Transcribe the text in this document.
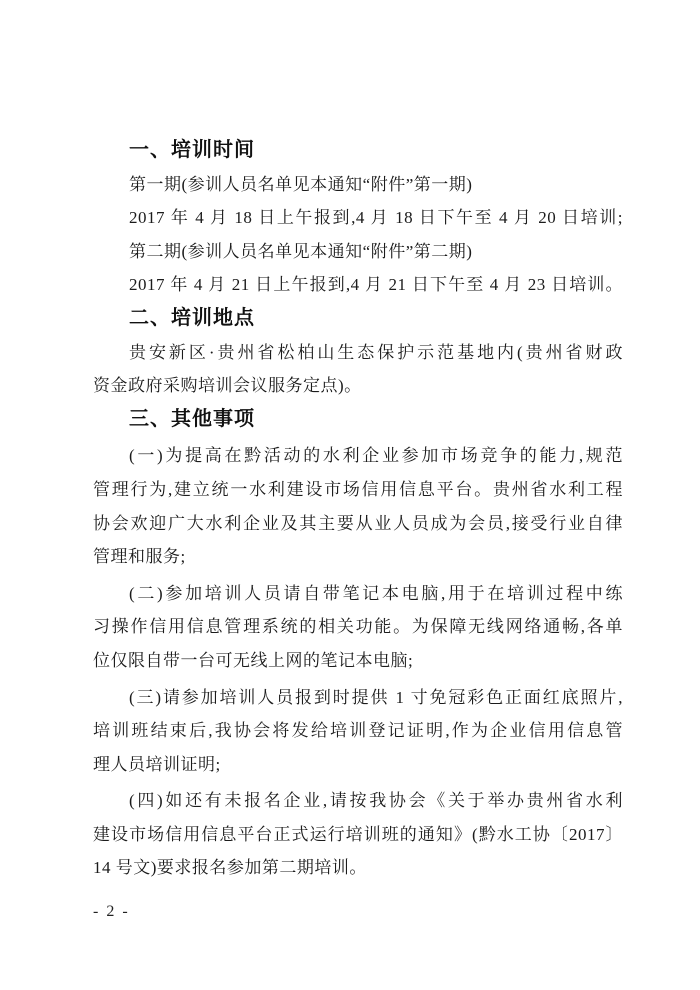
一、培训时间
第一期(参训人员名单见本通知“附件”第一期)
2017 年 4 月 18 日上午报到,4 月 18 日下午至 4 月 20 日培训;
第二期(参训人员名单见本通知“附件”第二期)
2017 年 4 月 21 日上午报到,4 月 21 日下午至 4 月 23 日培训。
二、培训地点
贵安新区·贵州省松柏山生态保护示范基地内(贵州省财政
资金政府采购培训会议服务定点)。
三、其他事项
(一)为提高在黔活动的水利企业参加市场竞争的能力,规范
管理行为,建立统一水利建设市场信用信息平台。贵州省水利工程
协会欢迎广大水利企业及其主要从业人员成为会员,接受行业自律
管理和服务;
(二)参加培训人员请自带笔记本电脑,用于在培训过程中练
习操作信用信息管理系统的相关功能。为保障无线网络通畅,各单
位仅限自带一台可无线上网的笔记本电脑;
(三)请参加培训人员报到时提供 1 寸免冠彩色正面红底照片,
培训班结束后,我协会将发给培训登记证明,作为企业信用信息管
理人员培训证明;
(四)如还有未报名企业,请按我协会《关于举办贵州省水利
建设市场信用信息平台正式运行培训班的通知》(黔水工协〔2017〕
14 号文)要求报名参加第二期培训。
- 2 -
